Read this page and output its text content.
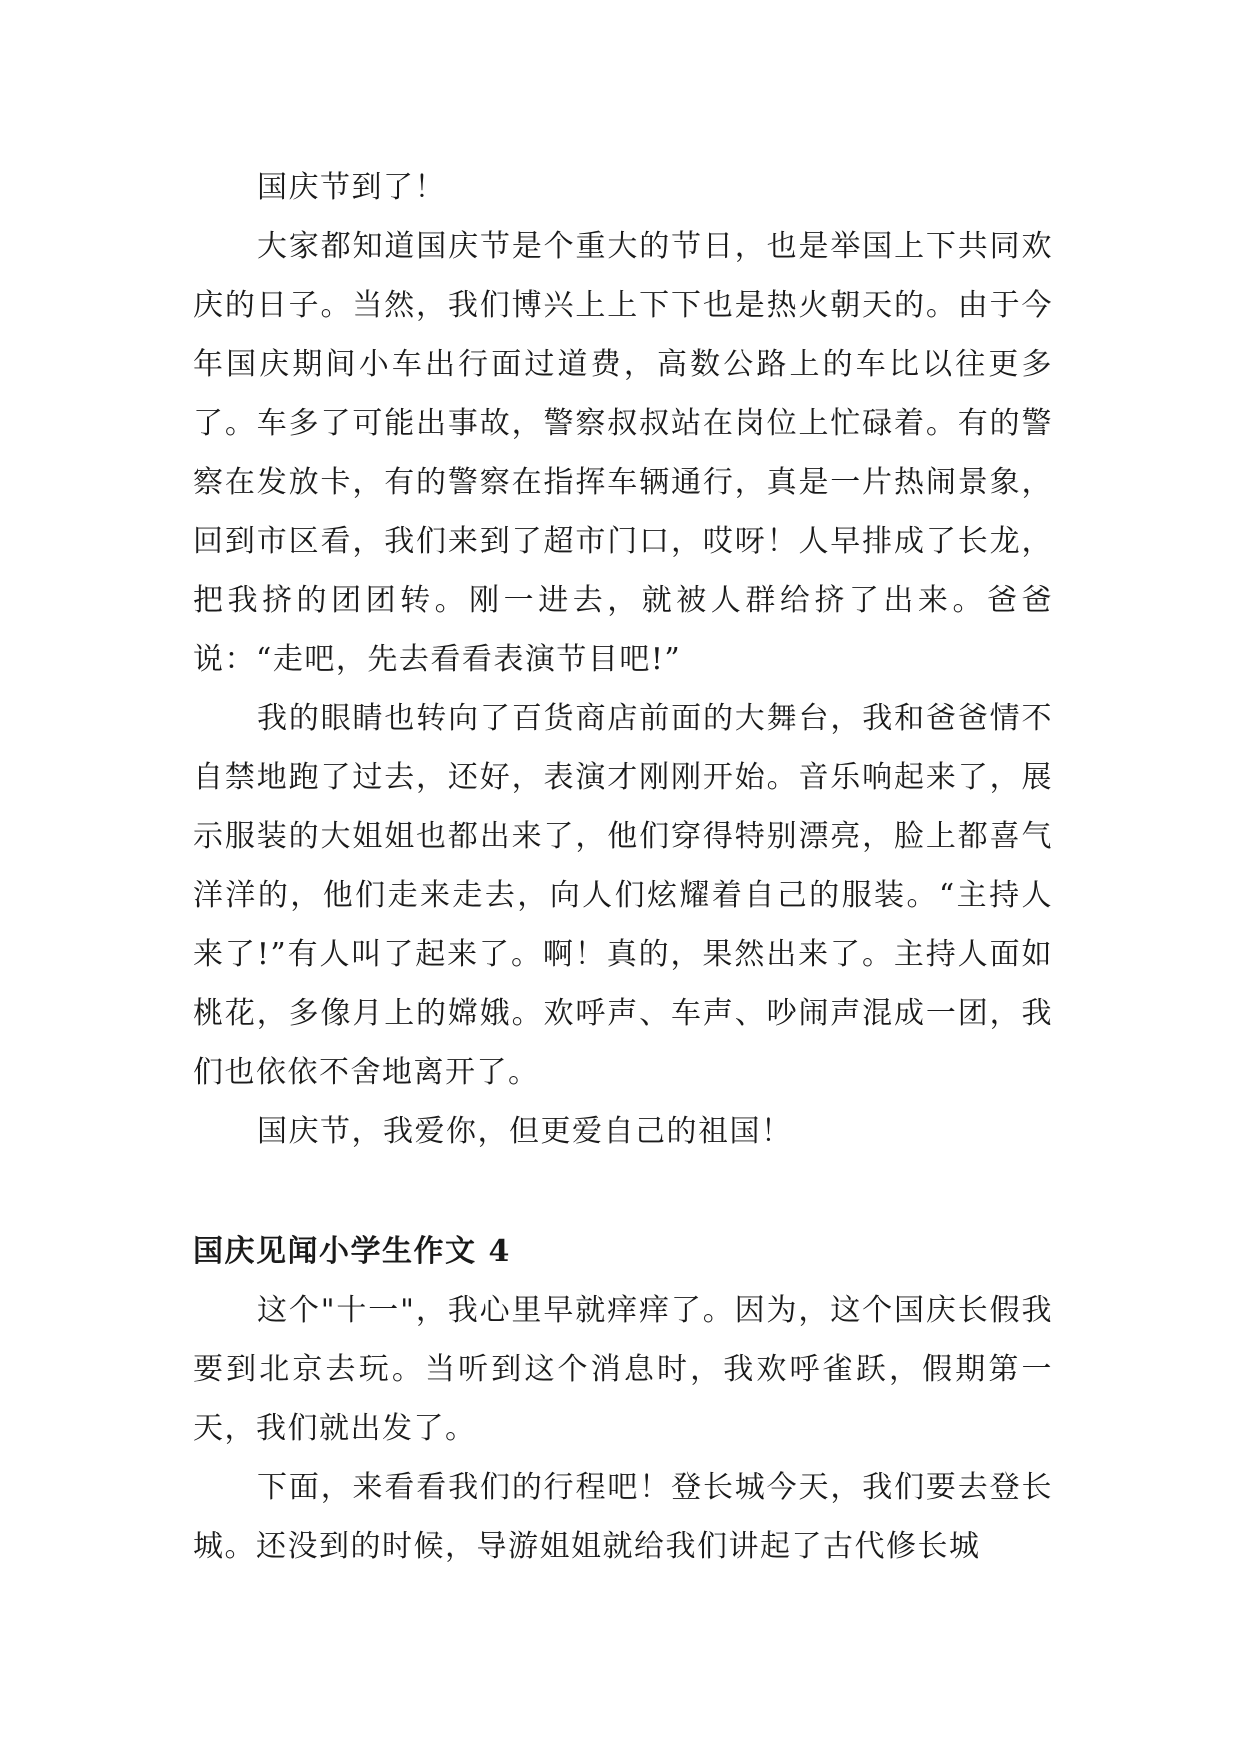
国庆节到了！

大家都知道国庆节是个重大的节日，也是举国上下共同欢庆的日子。当然，我们博兴上上下下也是热火朝天的。由于今年国庆期间小车出行面过道费，高数公路上的车比以往更多了。车多了可能出事故，警察叔叔站在岗位上忙碌着。有的警察在发放卡，有的警察在指挥车辆通行，真是一片热闹景象，回到市区看，我们来到了超市门口，哎呀！人早排成了长龙，把我挤的团团转。刚一进去，就被人群给挤了出来。爸爸说：“走吧，先去看看表演节目吧!”

我的眼睛也转向了百货商店前面的大舞台，我和爸爸情不自禁地跑了过去，还好，表演才刚刚开始。音乐响起来了，展示服装的大姐姐也都出来了，他们穿得特别漂亮，脸上都喜气洋洋的，他们走来走去，向人们炫耀着自己的服装。“主持人来了!”有人叫了起来了。啊！真的，果然出来了。主持人面如桃花，多像月上的嫦娥。欢呼声、车声、吵闹声混成一团，我们也依依不舍地离开了。

国庆节，我爱你，但更爱自己的祖国！

国庆见闻小学生作文 4

这个"十一"，我心里早就痒痒了。因为，这个国庆长假我要到北京去玩。当听到这个消息时，我欢呼雀跃，假期第一天，我们就出发了。

下面，来看看我们的行程吧！登长城今天，我们要去登长城。还没到的时候，导游姐姐就给我们讲起了古代修长城
